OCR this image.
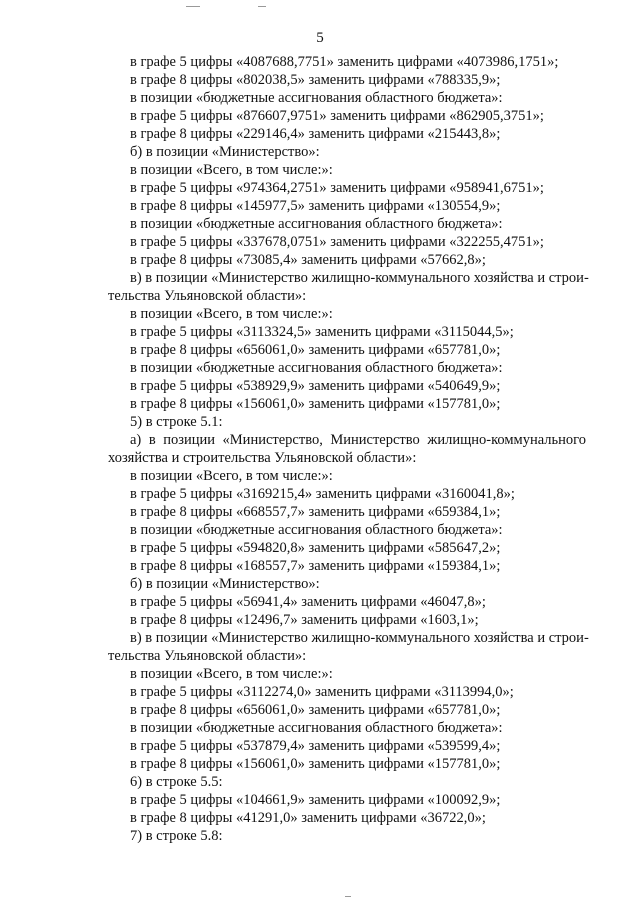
5
в графе 5 цифры «4087688,7751» заменить цифрами «4073986,1751»;
в графе 8 цифры «802038,5» заменить цифрами «788335,9»;
в позиции «бюджетные ассигнования областного бюджета»:
в графе 5 цифры «876607,9751» заменить цифрами «862905,3751»;
в графе 8 цифры «229146,4» заменить цифрами «215443,8»;
б) в позиции «Министерство»:
в позиции «Всего, в том числе:»:
в графе 5 цифры «974364,2751» заменить цифрами «958941,6751»;
в графе 8 цифры «145977,5» заменить цифрами «130554,9»;
в позиции «бюджетные ассигнования областного бюджета»:
в графе 5 цифры «337678,0751» заменить цифрами «322255,4751»;
в графе 8 цифры «73085,4» заменить цифрами «57662,8»;
в) в позиции «Министерство жилищно-коммунального хозяйства и строи-
тельства Ульяновской области»:
в позиции «Всего, в том числе:»:
в графе 5 цифры «3113324,5» заменить цифрами «3115044,5»;
в графе 8 цифры «656061,0» заменить цифрами «657781,0»;
в позиции «бюджетные ассигнования областного бюджета»:
в графе 5 цифры «538929,9» заменить цифрами «540649,9»;
в графе 8 цифры «156061,0» заменить цифрами «157781,0»;
5) в строке 5.1:
а) в позиции «Министерство, Министерство жилищно-коммунального
хозяйства и строительства Ульяновской области»:
в позиции «Всего, в том числе:»:
в графе 5 цифры «3169215,4» заменить цифрами «3160041,8»;
в графе 8 цифры «668557,7» заменить цифрами «659384,1»;
в позиции «бюджетные ассигнования областного бюджета»:
в графе 5 цифры «594820,8» заменить цифрами «585647,2»;
в графе 8 цифры «168557,7» заменить цифрами «159384,1»;
б) в позиции «Министерство»:
в графе 5 цифры «56941,4» заменить цифрами «46047,8»;
в графе 8 цифры «12496,7» заменить цифрами «1603,1»;
в) в позиции «Министерство жилищно-коммунального хозяйства и строи-
тельства Ульяновской области»:
в позиции «Всего, в том числе:»:
в графе 5 цифры «3112274,0» заменить цифрами «3113994,0»;
в графе 8 цифры «656061,0» заменить цифрами «657781,0»;
в позиции «бюджетные ассигнования областного бюджета»:
в графе 5 цифры «537879,4» заменить цифрами «539599,4»;
в графе 8 цифры «156061,0» заменить цифрами «157781,0»;
6) в строке 5.5:
в графе 5 цифры «104661,9» заменить цифрами «100092,9»;
в графе 8 цифры «41291,0» заменить цифрами «36722,0»;
7) в строке 5.8:
